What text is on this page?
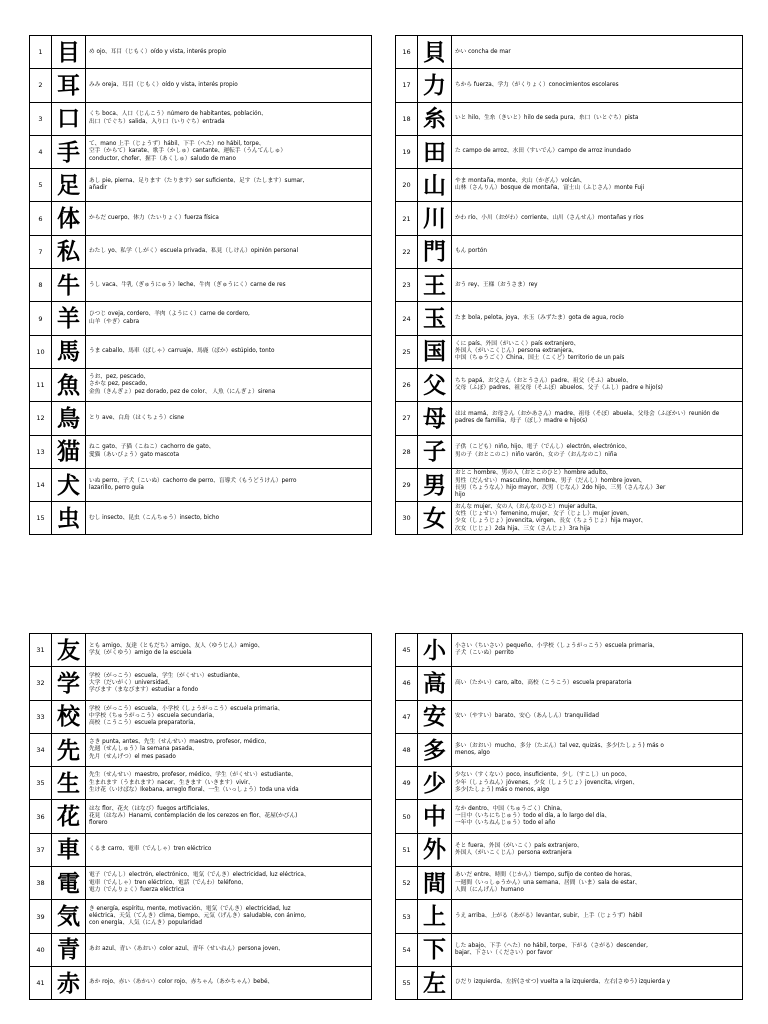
1	目	め ojo、耳目（じもく）oído y vista, interés propio
2	耳	みみ oreja、耳目（じもく）oído y vista, interés propio
3	口	くち boca、人口（じんこう）número de habitantes, población、
出口（でぐち）salida、入り口（いりぐち）entrada
4	手	て、mano 上手（じょうず）hábil、下手（へた）no hábil, torpe、
空手（からて）karate、歌手（かしゅ）cantante、運転手（うんてんしゅ）
conductor, chofer、握手（あくしゅ）saludo de mano
5	足	あし pie, pierna、足ります（たります）ser suficiente、足す（たします）sumar,
añadir
6	体	からだ cuerpo、体力（たいりょく）fuerza física
7	私	わたし yo、私学（しがく）escuela privada、私見（しけん）opinión personal
8	牛	うし vaca、牛乳（ぎゅうにゅう）leche、牛肉（ぎゅうにく）carne de res
9	羊	ひつじ oveja, cordero、羊肉（ようにく）carne de cordero,
山羊（やぎ）cabra
10	馬	うま caballo、馬車（ばしゃ）carruaje、馬鹿（ばか）estúpido, tonto
11	魚	うお、pez, pescado、
さかな pez, pescado、
金魚（きんぎょ）pez dorado, pez de color、 人魚（にんぎょ）sirena
12	鳥	とり ave、白鳥（はくちょう）cisne
13	猫	ねこ gato、子猫（こねこ）cachorro de gato、
愛猫（あいびょう）gato mascota
14	犬	いぬ perro、子犬（こいぬ）cachorro de perro、盲導犬（もうどうけん）perro
lazarillo, perro guía
15	虫	むし insecto、昆虫（こんちゅう）insecto, bicho
16	貝	かい concha de mar
17	力	ちから fuerza、学力（がくりょく）conocimientos escolares
18	糸	いと hilo、生糸（きいと）hilo de seda pura、糸口（いとぐち）pista
19	田	た campo de arroz、水田（すいでん）campo de arroz inundado
20	山	やま montaña, monte、火山（かざん）volcán、
山林（さんりん）bosque de montaña、富士山（ふじさん）monte Fuji
21	川	かわ río、小川（おがわ）corriente、山川（さんせん）montañas y ríos
22	門	もん portón
23	王	おう rey、王様（おうさま）rey
24	玉	たま bola, pelota, joya、水玉（みずたま）gota de agua, rocío
25	国	くに país、外国（がいこく）país extranjero、
外国人（がいこくじん）persona extranjera、
中国（ちゅうごく）China、国土（こくど）territorio de un país
26	父	ちち papá、お父さん（おとうさん）padre、祖父（そふ）abuelo、
父母（ふぼ）padres、祖父母（そふぼ）abuelos、父子（ふし）padre e hijo(s)
27	母	はは mamá、お母さん（おかあさん）madre、祖母（そぼ）abuela、父母会（ふぼかい）reunión de padres de familia、母子（ぼし）madre e hijo(s)
28	子	子供（こども）niño, hijo、電子（でんし）electrón, electrónico、
男の子（おとこのこ）niño varón、女の子（おんなのこ）niña
29	男	おとこ hombre、男の人（おとこのひと）hombre adulto、
男性（だんせい）masculino, hombre、男子（だんし）hombre joven、
長男（ちょうなん）hijo mayor、次男（じなん）2do hijo、三男（さんなん）3er
hijo
30	女	おんな mujer、女の人（おんなのひと）mujer adulta、
女性（じょせい）femenino, mujer、女子（じょし）mujer joven、
少女（しょうじょ）jovencita, virgen、長女（ちょうじょ）hija mayor、
次女（じじょ）2da hija、三女（さんじょ）3ra hija
31	友	とも amigo、友達（ともだち）amigo、友人（ゆうじん）amigo、
学友（がくゆう）amigo de la escuela
32	学	学校（がっこう）escuela、学生（がくせい）estudiante、
大学（だいがく）universidad、
学びます（まなびます）estudiar a fondo
33	校	学校（がっこう）escuela、小学校（しょうがっこう）escuela primaria、
中学校（ちゅうがっこう）escuela secundaria、
高校（こうこう）escuela preparatoria、
34	先	さき punta, antes、先生（せんせい）maestro, profesor, médico、
先週（せんしゅう）la semana pasada、
先月（せんげつ）el mes pasado
35	生	先生（せんせい）maestro, profesor, médico、学生（がくせい）estudiante、
生まれます（うまれます）nacer、生きます（いきます）vivir、
生け花（いけばな）Ikebana, arreglo floral、一生（いっしょう）toda una vida
36	花	はな flor、花火（はなび）fuegos artificiales、
花見（はなみ）Hanami, contemplación de los cerezos en flor、花屋(かびん)
florero
37	車	くるま carro、電車（でんしゃ）tren eléctrico
38	電	電子（でんし）electrón, electrónico、電気（でんき）electricidad, luz eléctrica、
電車（でんしゃ）tren eléctrico、電話（でんわ）teléfono、
電力（でんりょく）fuerza eléctrica
39	気	き energía, espíritu, mente, motivación、電気（でんき）electricidad, luz
eléctrica、天気（てんき）clima, tiempo、元気（げんき）saludable, con ánimo,
con energía、人気（にんき）popularidad
40	青	あお azul、青い（あおい）color azul、青年（せいねん）persona joven、
41	赤	あか rojo、赤い（あかい）color rojo、赤ちゃん（あかちゃん）bebé、
45	小	小さい（ちいさい）pequeño、小学校（しょうがっこう）escuela primaria、
子犬（こいぬ）perrito
46	高	高い（たかい）caro, alto、高校（こうこう）escuela preparatoria
47	安	安い（やすい）barato、安心（あんしん）tranquilidad
48	多	多い（おおい）mucho、多分（たぶん）tal vez, quizás、多少(たしょう) más o
menos, algo
49	少	少ない（すくない）poco, insuficiente、少し（すこし）un poco、
少年（しょうねん）jóvenes、少女（しょうじょ）jovencita, virgen、
多少(たしょう) más o menos, algo
50	中	なか dentro、中国（ちゅうごく）China、
一日中（いちにちじゅう）todo el día, a lo largo del día、
一年中（いちねんじゅう）todo el año
51	外	そと fuera、外国（がいこく）país extranjero、
外国人（がいこくじん）persona extranjera
52	間	あいだ entre、時間（じかん）tiempo, sufijo de conteo de horas、
一週間（いっしゅうかん）una semana、居間（いま）sala de estar、
人間（にんげん）humano
53	上	うえ arriba、上がる（あがる）levantar, subir、上手（じょうず）hábil
54	下	した abajo、下手（へた）no hábil, torpe、下がる（さがる）descender,
bajar、下さい（ください）por favor
55	左	ひだり izquierda、左折(させつ) vuelta a la izquierda、左右(さゆう) izquierda y
